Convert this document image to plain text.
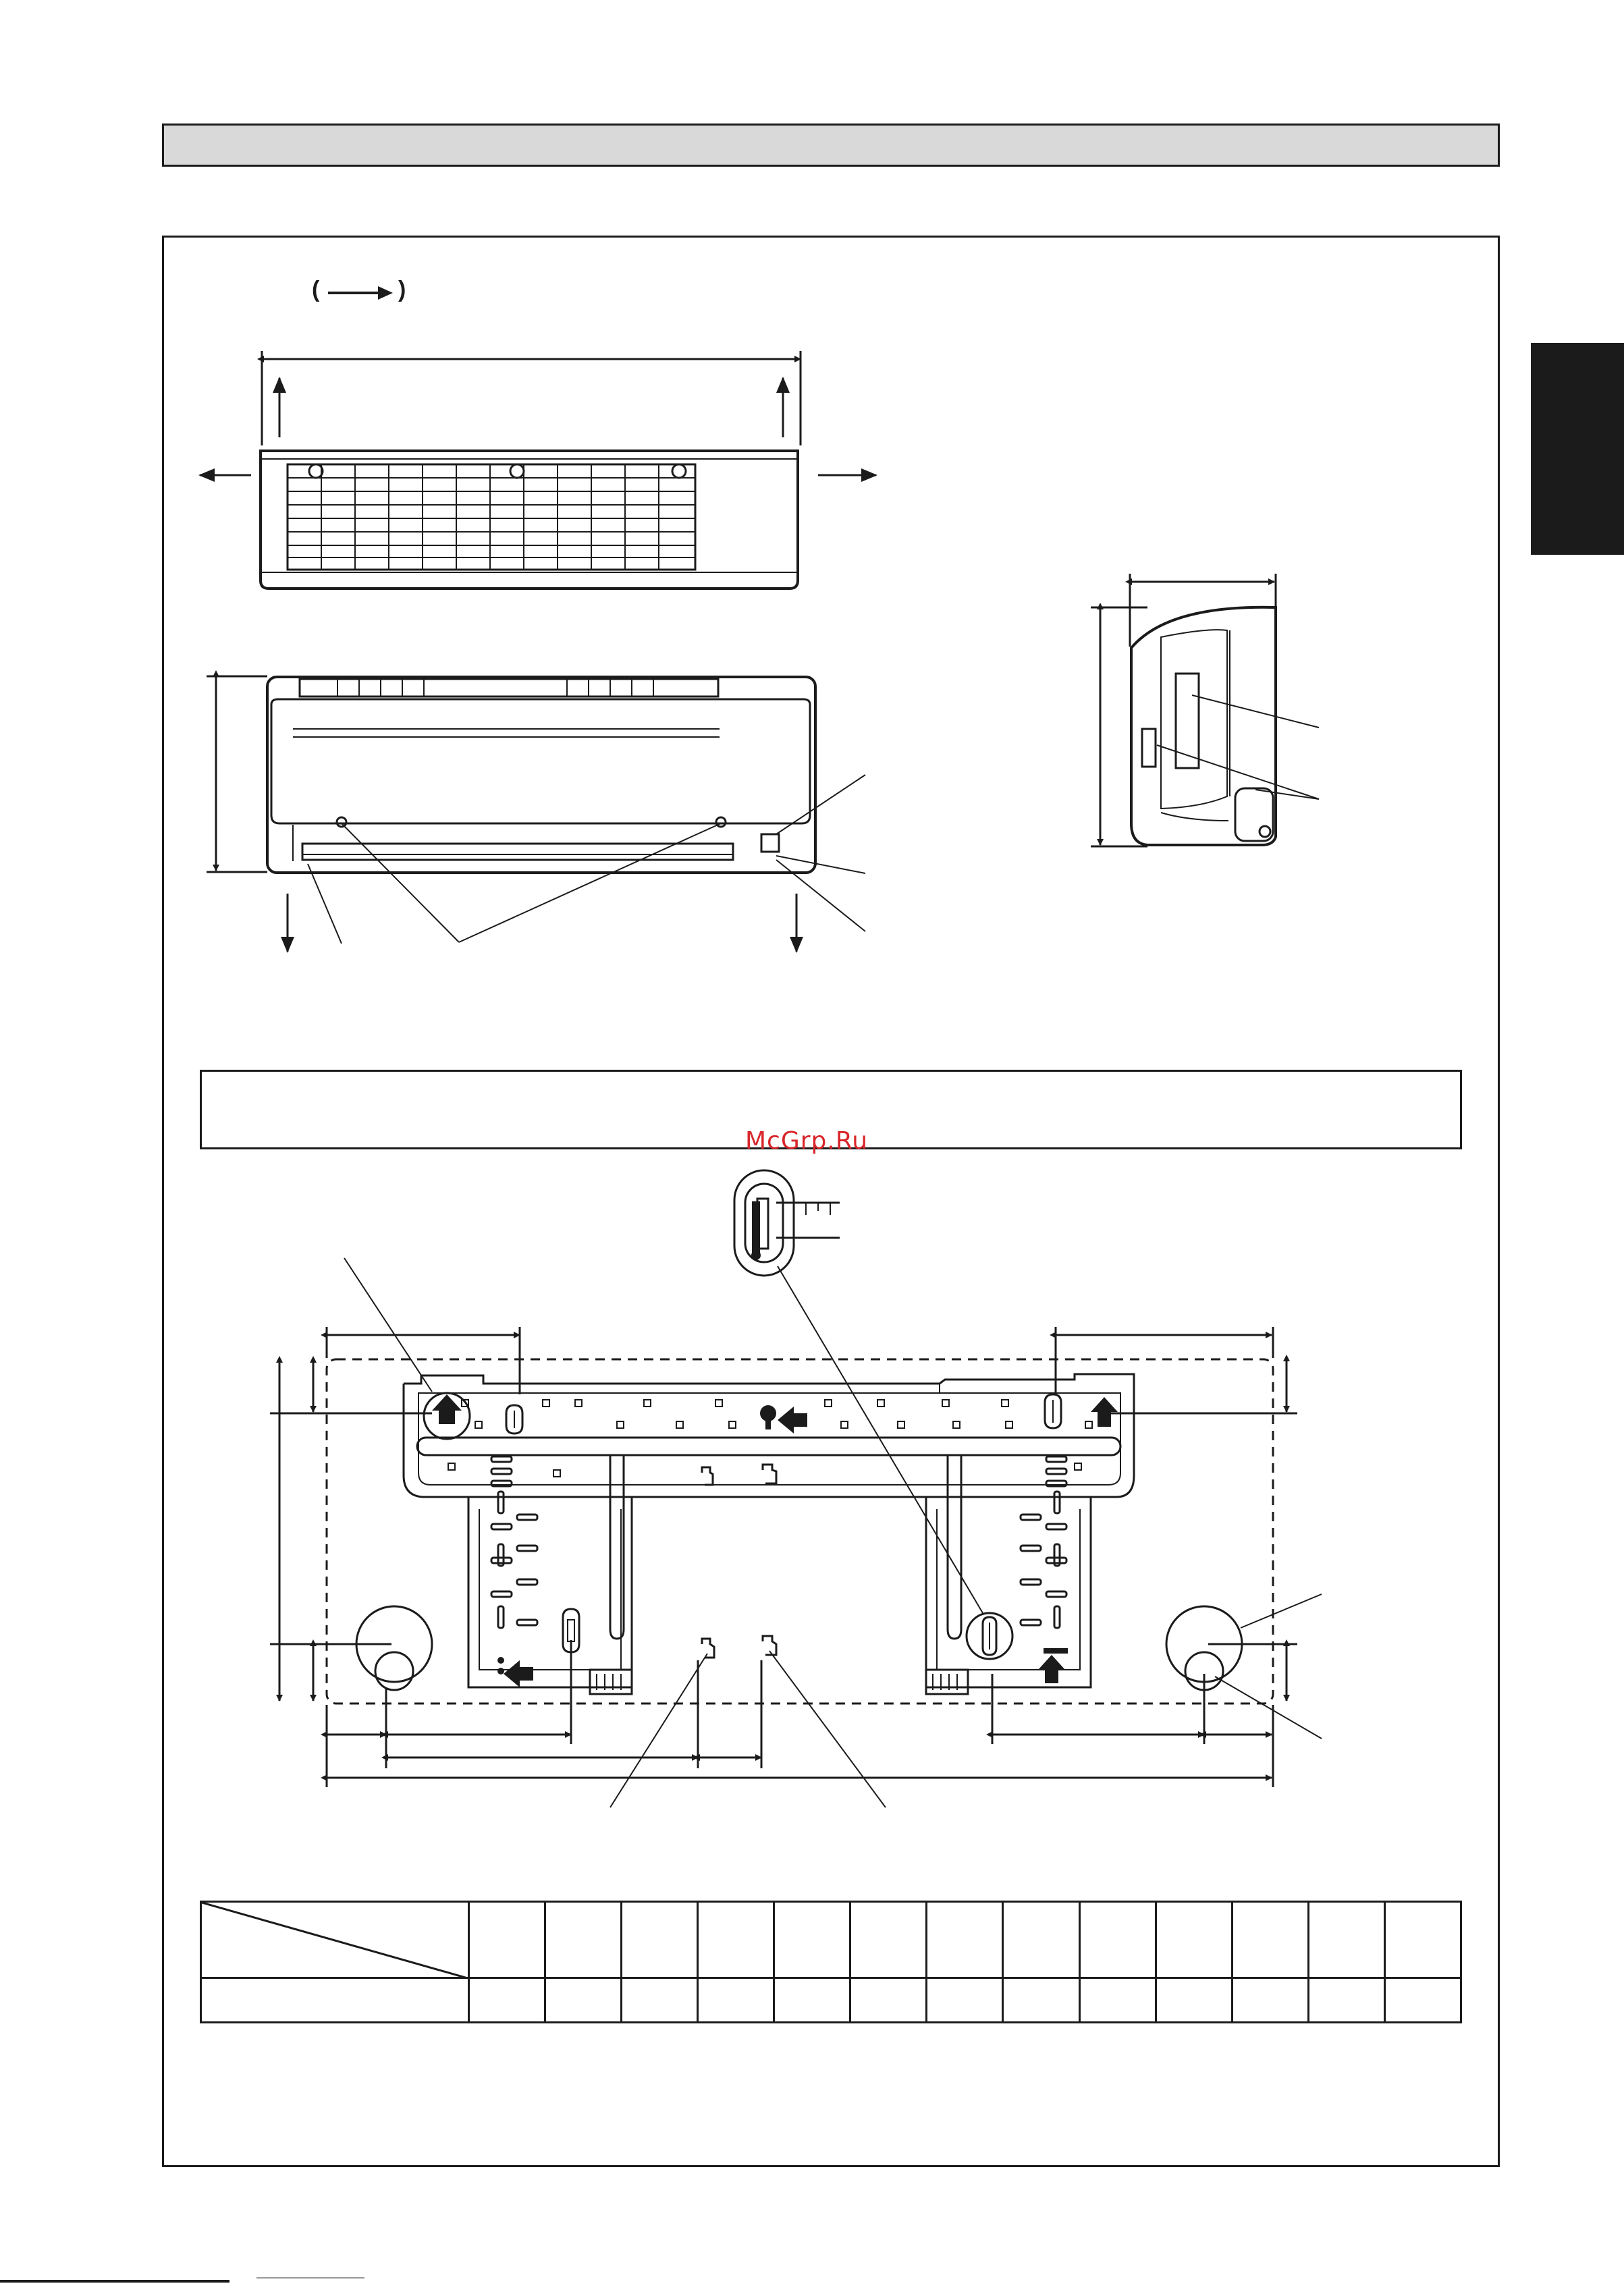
(	)

McGrp.Ru
